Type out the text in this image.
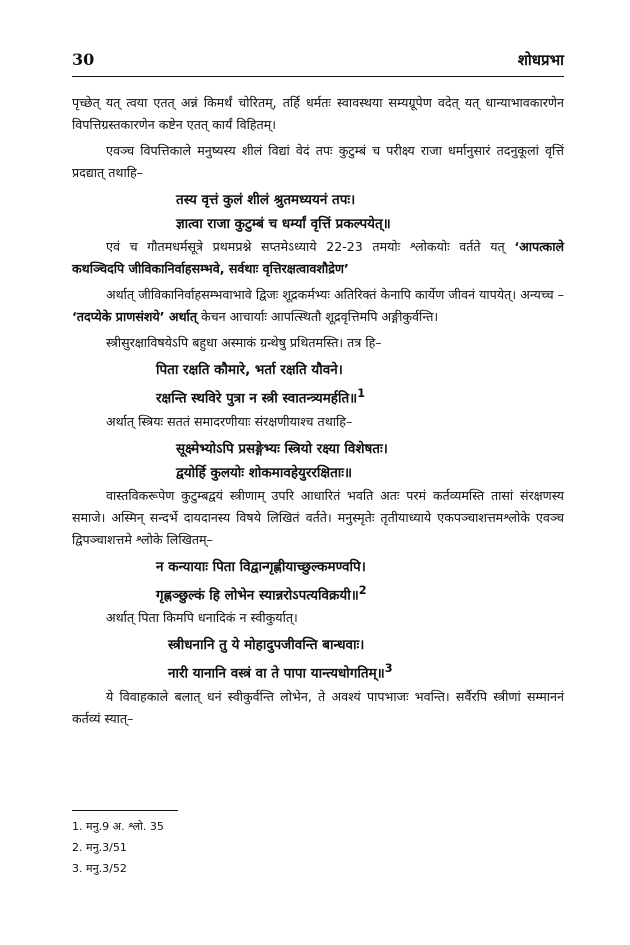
30	शोधप्रभा

पृच्छेत् यत् त्वया एतत् अन्नं किमर्थं चोरितम्, तर्हि धर्मतः स्वावस्थया सम्यग्रूपेण वदेत् यत् धान्याभावकारणेन विपत्तिग्रस्तकारणेन कष्टेन एतत् कार्यं विहितम्।

एवञ्च विपत्तिकाले मनुष्यस्य शीलं विद्यां वेदं तपः कुटुम्बं च परीक्ष्य राजा धर्मानुसारं तदनुकूलां वृत्तिं प्रदद्यात् तथाहि–

तस्य वृत्तं कुलं शीलं श्रुतमध्ययनं तपः।

ज्ञात्वा राजा कुटुम्बं च धर्म्यां वृत्तिं प्रकल्पयेत्॥

एवं च गौतमधर्मसूत्रे प्रथमप्रश्ने सप्तमेऽध्याये 22-23 तमयोः श्लोकयोः वर्तते यत् ‘आपत्काले कथञ्चिदपि जीविकानिर्वाहसम्भवे, सर्वथाः वृत्तिरक्षत्वावशौद्रेण’

अर्थात् जीविकानिर्वाहसम्भवाभावे द्विजः शूद्रकर्मभ्यः अतिरिक्तं केनापि कार्येण जीवनं यापयेत्। अन्यच्च – ‘तदप्येके प्राणसंशये’ अर्थात् केचन आचार्याः आपत्स्थितौ शूद्रवृत्तिमपि अङ्गीकुर्वन्ति।

स्त्रीसुरक्षाविषयेऽपि बहुधा अस्माकं ग्रन्थेषु प्रथितमस्ति। तत्र हि–

पिता रक्षति कौमारे, भर्ता रक्षति यौवने।

रक्षन्ति स्थविरे पुत्रा न स्त्री स्वातन्त्र्यमर्हति॥$^1$

अर्थात् स्त्रियः सततं समादरणीयाः संरक्षणीयाश्च तथाहि–

सूक्ष्मेभ्योऽपि प्रसङ्गेभ्यः स्त्रियो रक्ष्या विशेषतः।

द्वयोर्हि कुलयोः शोकमावहेयुररक्षिताः॥

वास्तविकरूपेण कुटुम्बद्वयं स्त्रीणाम् उपरि आधारितं भवति अतः परमं कर्तव्यमस्ति तासां संरक्षणस्य समाजे। अस्मिन् सन्दर्भे दायदानस्य विषये लिखितं वर्तते। मनुस्मृतेः तृतीयाध्याये एकपञ्चाशत्तमश्लोके एवञ्च द्विपञ्चाशत्तमे श्लोके लिखितम्–

न कन्यायाः पिता विद्वान्गृह्णीयाच्छुल्कमण्वपि।

गृह्णञ्छुल्कं हि लोभेन स्यान्नरोऽपत्यविक्रयी॥$^2$

अर्थात् पिता किमपि धनादिकं न स्वीकुर्यात्।

स्त्रीधनानि तु ये मोहादुपजीवन्ति बान्धवाः।

नारी यानानि वस्त्रं वा ते पापा यान्त्यधोगतिम्॥$^3$

ये विवाहकाले बलात् धनं स्वीकुर्वन्ति लोभेन, ते अवश्यं पापभाजः भवन्ति। सर्वैरपि स्त्रीणां सम्माननं कर्तव्यं स्यात्–

1. मनु.9 अ. श्लो. 35
2. मनु.3/51
3. मनु.3/52
